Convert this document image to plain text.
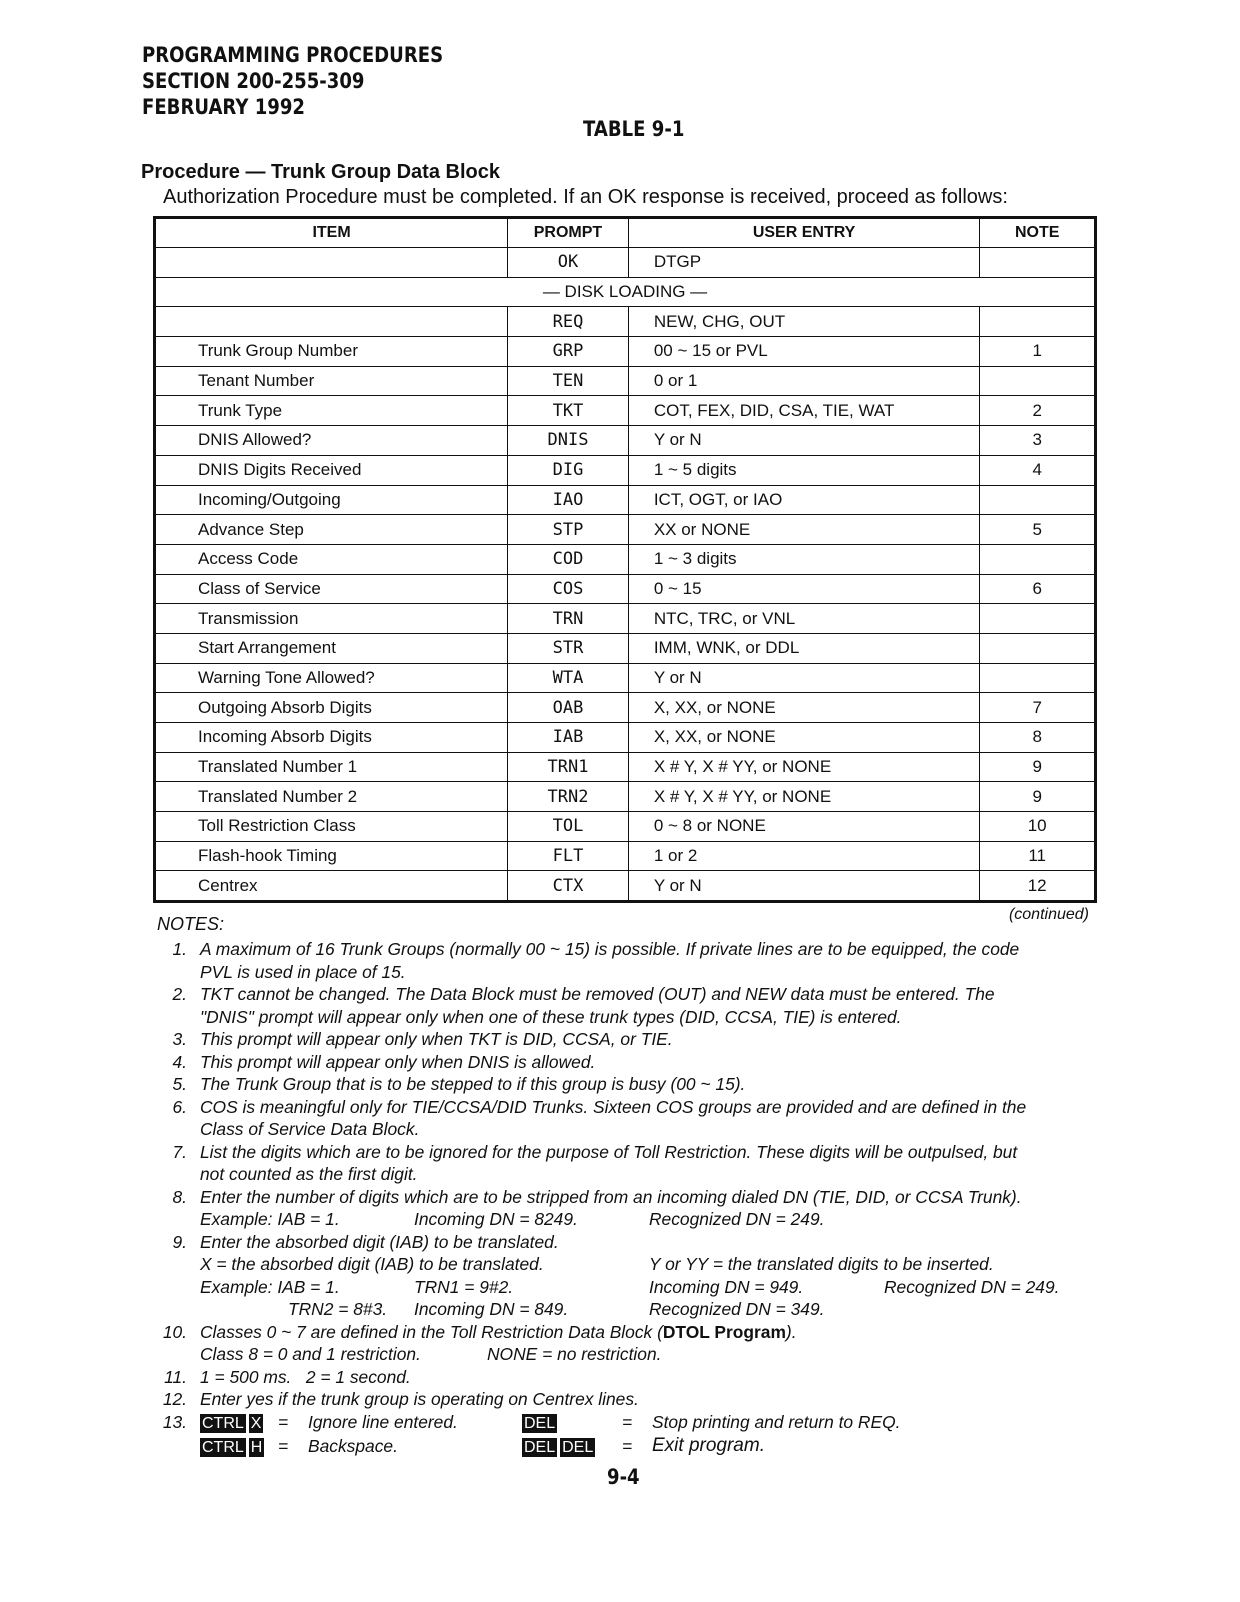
PROGRAMMING PROCEDURES
SECTION 200-255-309
FEBRUARY 1992
TABLE 9-1
Procedure — Trunk Group Data Block
Authorization Procedure must be completed. If an OK response is received, proceed as follows:
ITEM	PROMPT	USER ENTRY	NOTE
	OK	DTGP	
— DISK LOADING —			
	REQ	NEW, CHG, OUT	
Trunk Group Number	GRP	00 ~ 15 or PVL	1
Tenant Number	TEN	0 or 1	
Trunk Type	TKT	COT, FEX, DID, CSA, TIE, WAT	2
DNIS Allowed?	DNIS	Y or N	3
DNIS Digits Received	DIG	1 ~ 5 digits	4
Incoming/Outgoing	IAO	ICT, OGT, or IAO	
Advance Step	STP	XX or NONE	5
Access Code	COD	1 ~ 3 digits	
Class of Service	COS	0 ~ 15	6
Transmission	TRN	NTC, TRC, or VNL	
Start Arrangement	STR	IMM, WNK, or DDL	
Warning Tone Allowed?	WTA	Y or N	
Outgoing Absorb Digits	OAB	X, XX, or NONE	7
Incoming Absorb Digits	IAB	X, XX, or NONE	8
Translated Number 1	TRN1	X # Y, X # YY, or NONE	9
Translated Number 2	TRN2	X # Y, X # YY, or NONE	9
Toll Restriction Class	TOL	0 ~ 8 or NONE	10
Flash-hook Timing	FLT	1 or 2	11
Centrex	CTX	Y or N	12
NOTES:	(continued)
1. A maximum of 16 Trunk Groups (normally 00 ~ 15) is possible. If private lines are to be equipped, the code
PVL is used in place of 15.
2. TKT cannot be changed. The Data Block must be removed (OUT) and NEW data must be entered. The
"DNIS" prompt will appear only when one of these trunk types (DID, CCSA, TIE) is entered.
3. This prompt will appear only when TKT is DID, CCSA, or TIE.
4. This prompt will appear only when DNIS is allowed.
5. The Trunk Group that is to be stepped to if this group is busy (00 ~ 15).
6. COS is meaningful only for TIE/CCSA/DID Trunks. Sixteen COS groups are provided and are defined in the
Class of Service Data Block.
7. List the digits which are to be ignored for the purpose of Toll Restriction. These digits will be outpulsed, but
not counted as the first digit.
8. Enter the number of digits which are to be stripped from an incoming dialed DN (TIE, DID, or CCSA Trunk).
Example: IAB = 1.	Incoming DN = 8249.	Recognized DN = 249.
9. Enter the absorbed digit (IAB) to be translated.
X = the absorbed digit (IAB) to be translated.	Y or YY = the translated digits to be inserted.
Example: IAB = 1.	TRN1 = 9#2.	Incoming DN = 949.	Recognized DN = 249.
TRN2 = 8#3.	Incoming DN = 849.	Recognized DN = 349.
10. Classes 0 ~ 7 are defined in the Toll Restriction Data Block (DTOL Program).
Class 8 = 0 and 1 restriction.	NONE = no restriction.
11. 1 = 500 ms.   2 = 1 second.
12. Enter yes if the trunk group is operating on Centrex lines.
13. CTRL X =	Ignore line entered.	DEL	=	Stop printing and return to REQ.
CTRL H =	Backspace.	DEL DEL	=	Exit program.
9-4
